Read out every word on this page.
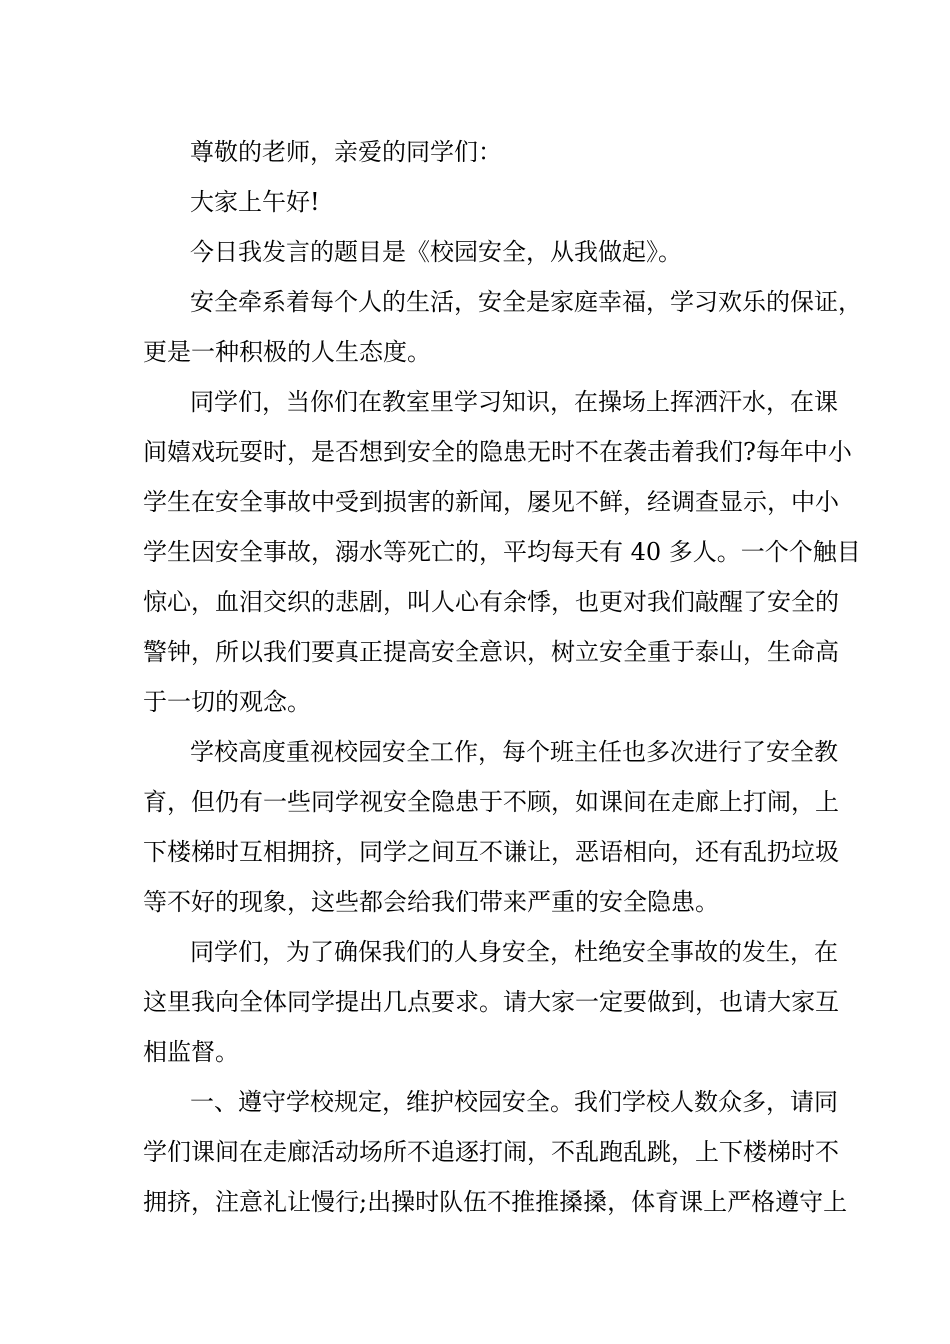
尊敬的老师，亲爱的同学们：
大家上午好!
今日我发言的题目是《校园安全，从我做起》。
安全牵系着每个人的生活，安全是家庭幸福，学习欢乐的保证，
更是一种积极的人生态度。
同学们，当你们在教室里学习知识，在操场上挥洒汗水，在课
间嬉戏玩耍时，是否想到安全的隐患无时不在袭击着我们?每年中小
学生在安全事故中受到损害的新闻，屡见不鲜，经调查显示，中小
学生因安全事故，溺水等死亡的，平均每天有 40 多人。一个个触目
惊心，血泪交织的悲剧，叫人心有余悸，也更对我们敲醒了安全的
警钟，所以我们要真正提高安全意识，树立安全重于泰山，生命高
于一切的观念。
学校高度重视校园安全工作，每个班主任也多次进行了安全教
育，但仍有一些同学视安全隐患于不顾，如课间在走廊上打闹，上
下楼梯时互相拥挤，同学之间互不谦让，恶语相向，还有乱扔垃圾
等不好的现象，这些都会给我们带来严重的安全隐患。
同学们，为了确保我们的人身安全，杜绝安全事故的发生，在
这里我向全体同学提出几点要求。请大家一定要做到，也请大家互
相监督。
一、遵守学校规定，维护校园安全。我们学校人数众多，请同
学们课间在走廊活动场所不追逐打闹，不乱跑乱跳，上下楼梯时不
拥挤，注意礼让慢行;出操时队伍不推推搡搡，体育课上严格遵守上
